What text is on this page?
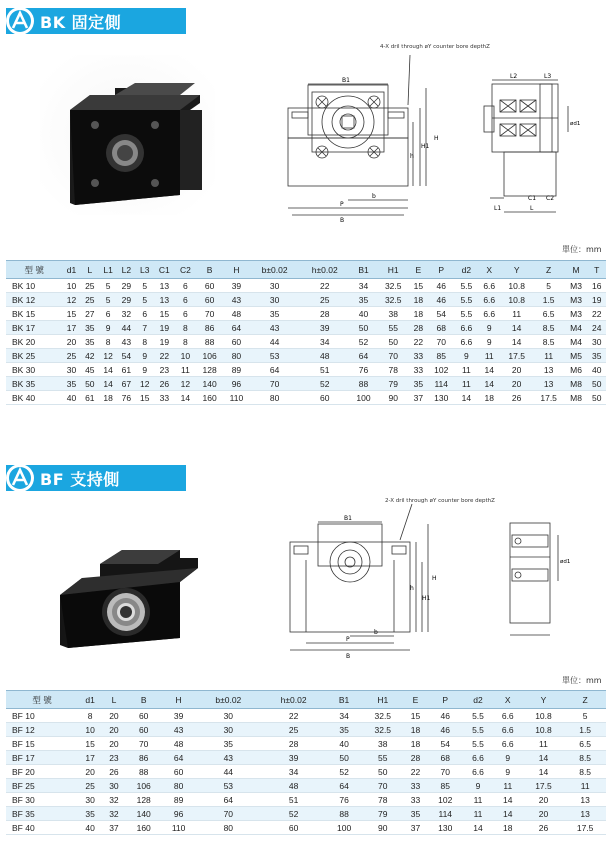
BK 固定側
4-X dril through øY counter bore depthZ
B1
b
P
B
h
H1
H
L2	L3
ød1
C1 C2
L1	L
單位：mm
型 號	d1	L	L1	L2	L3	C1	C2	B	H	b±0.02	h±0.02	B1	H1	E	P	d2	X	Y	Z	M	T
BK 10	10	25	5	29	5	13	6	60	39	30	22	34	32.5	15	46	5.5	6.6	10.8	5	M3	16
BK 12	12	25	5	29	5	13	6	60	43	30	25	35	32.5	18	46	5.5	6.6	10.8	1.5	M3	19
BK 15	15	27	6	32	6	15	6	70	48	35	28	40	38	18	54	5.5	6.6	11	6.5	M3	22
BK 17	17	35	9	44	7	19	8	86	64	43	39	50	55	28	68	6.6	9	14	8.5	M4	24
BK 20	20	35	8	43	8	19	8	88	60	44	34	52	50	22	70	6.6	9	14	8.5	M4	30
BK 25	25	42	12	54	9	22	10	106	80	53	48	64	70	33	85	9	11	17.5	11	M5	35
BK 30	30	45	14	61	9	23	11	128	89	64	51	76	78	33	102	11	14	20	13	M6	40
BK 35	35	50	14	67	12	26	12	140	96	70	52	88	79	35	114	11	14	20	13	M8	50
BK 40	40	61	18	76	15	33	14	160	110	80	60	100	90	37	130	14	18	26	17.5	M8	50
BF 支持側
2-X dril through øY counter bore depthZ
B1
b
P
B
h
H1
H
ød1
單位：mm
型 號	d1	L	B	H	b±0.02	h±0.02	B1	H1	E	P	d2	X	Y	Z
BF 10	8	20	60	39	30	22	34	32.5	15	46	5.5	6.6	10.8	5
BF 12	10	20	60	43	30	25	35	32.5	18	46	5.5	6.6	10.8	1.5
BF 15	15	20	70	48	35	28	40	38	18	54	5.5	6.6	11	6.5
BF 17	17	23	86	64	43	39	50	55	28	68	6.6	9	14	8.5
BF 20	20	26	88	60	44	34	52	50	22	70	6.6	9	14	8.5
BF 25	25	30	106	80	53	48	64	70	33	85	9	11	17.5	11
BF 30	30	32	128	89	64	51	76	78	33	102	11	14	20	13
BF 35	35	32	140	96	70	52	88	79	35	114	11	14	20	13
BF 40	40	37	160	110	80	60	100	90	37	130	14	18	26	17.5
